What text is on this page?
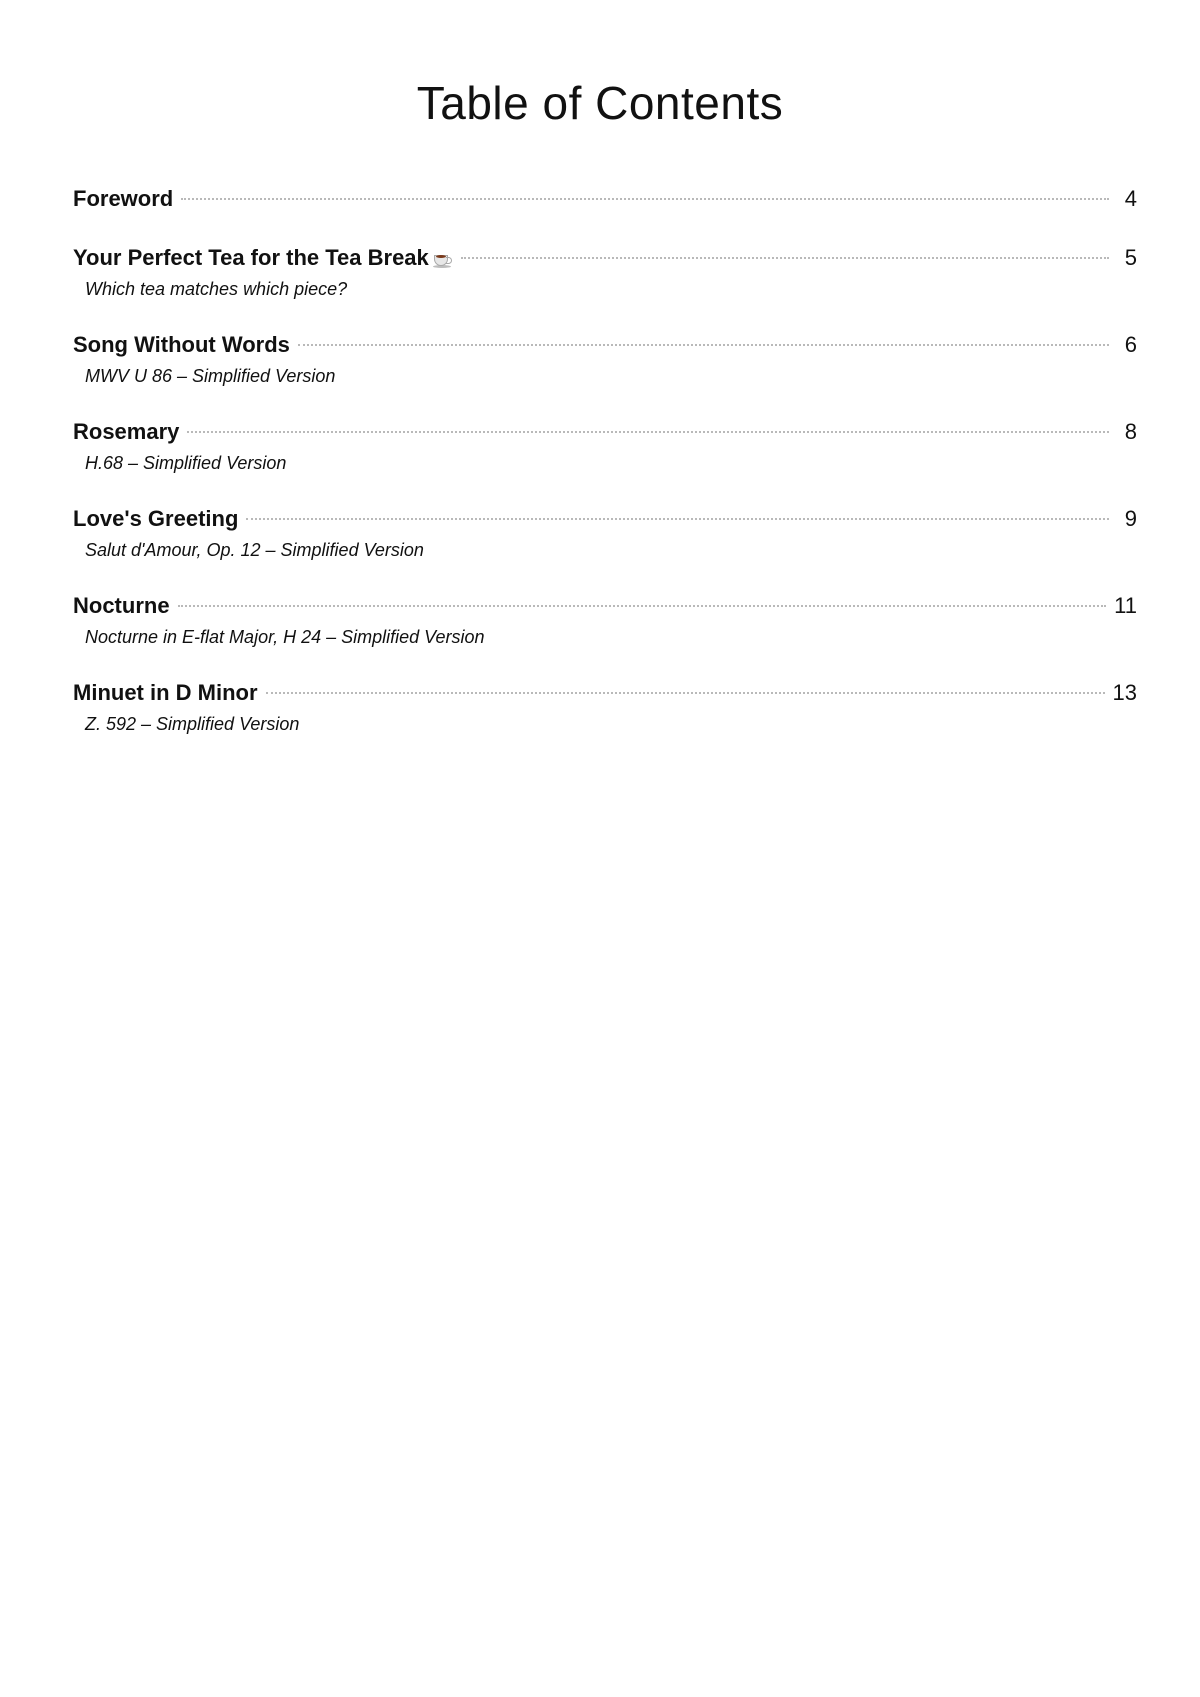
Table of Contents
Foreword	4
Your Perfect Tea for the Tea Break	5
Which tea matches which piece?
Song Without Words	6
MWV U 86 – Simplified Version
Rosemary	8
H.68 – Simplified Version
Love's Greeting	9
Salut d'Amour, Op. 12 – Simplified Version
Nocturne	11
Nocturne in E-flat Major, H 24 – Simplified Version
Minuet in D Minor	13
Z. 592 – Simplified Version
